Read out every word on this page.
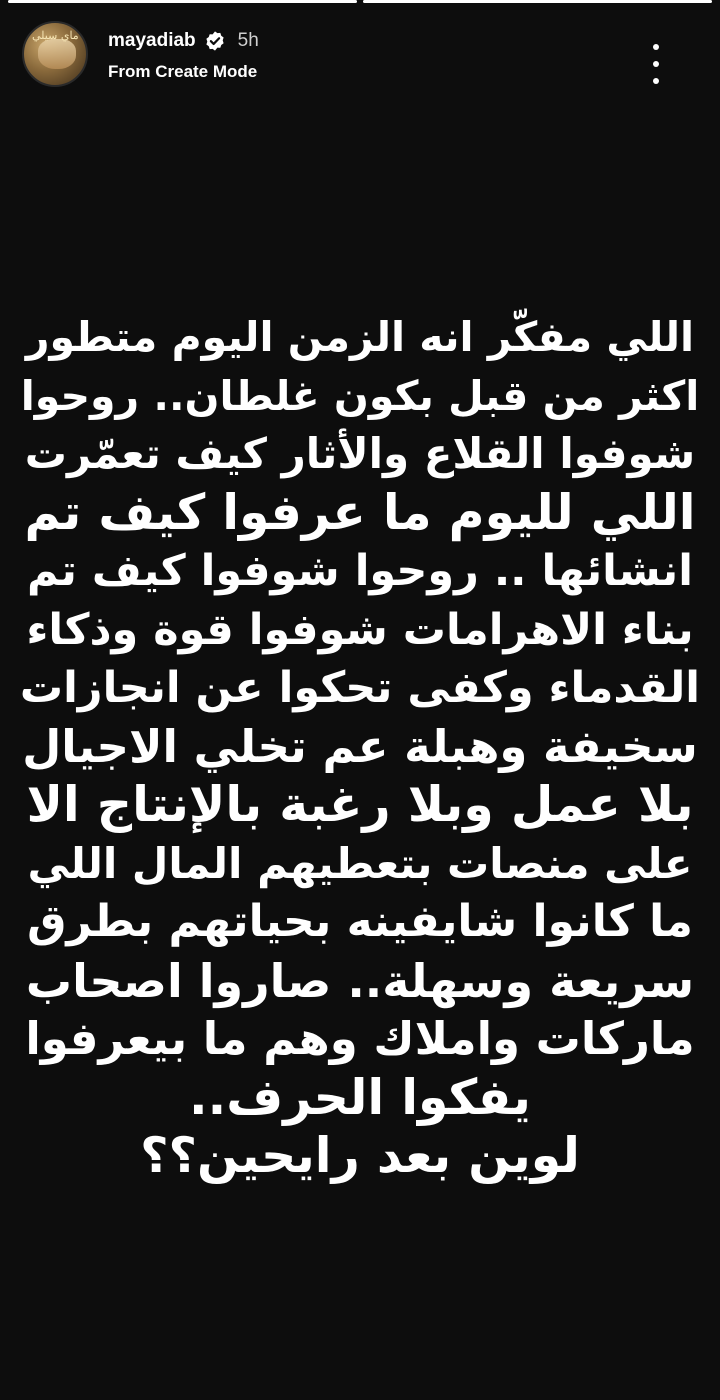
ماي سيلي mayadiab 5h
From Create Mode
اللي مفكّر انه الزمن اليوم متطور
اكثر من قبل بكون غلطان.. روحوا
شوفوا القلاع والأثار كيف تعمّرت
اللي لليوم ما عرفوا كيف تم
انشائها .. روحوا شوفوا كيف تم
بناء الاهرامات شوفوا قوة وذكاء
القدماء وكفى تحكوا عن انجازات
سخيفة وهبلة عم تخلي الاجيال
بلا عمل وبلا رغبة بالإنتاج الا
على منصات بتعطيهم المال اللي
ما كانوا شايفينه بحياتهم بطرق
سريعة وسهلة.. صاروا اصحاب
ماركات واملاك وهم ما بيعرفوا
يفكوا الحرف..
لوين بعد رايحين؟؟
